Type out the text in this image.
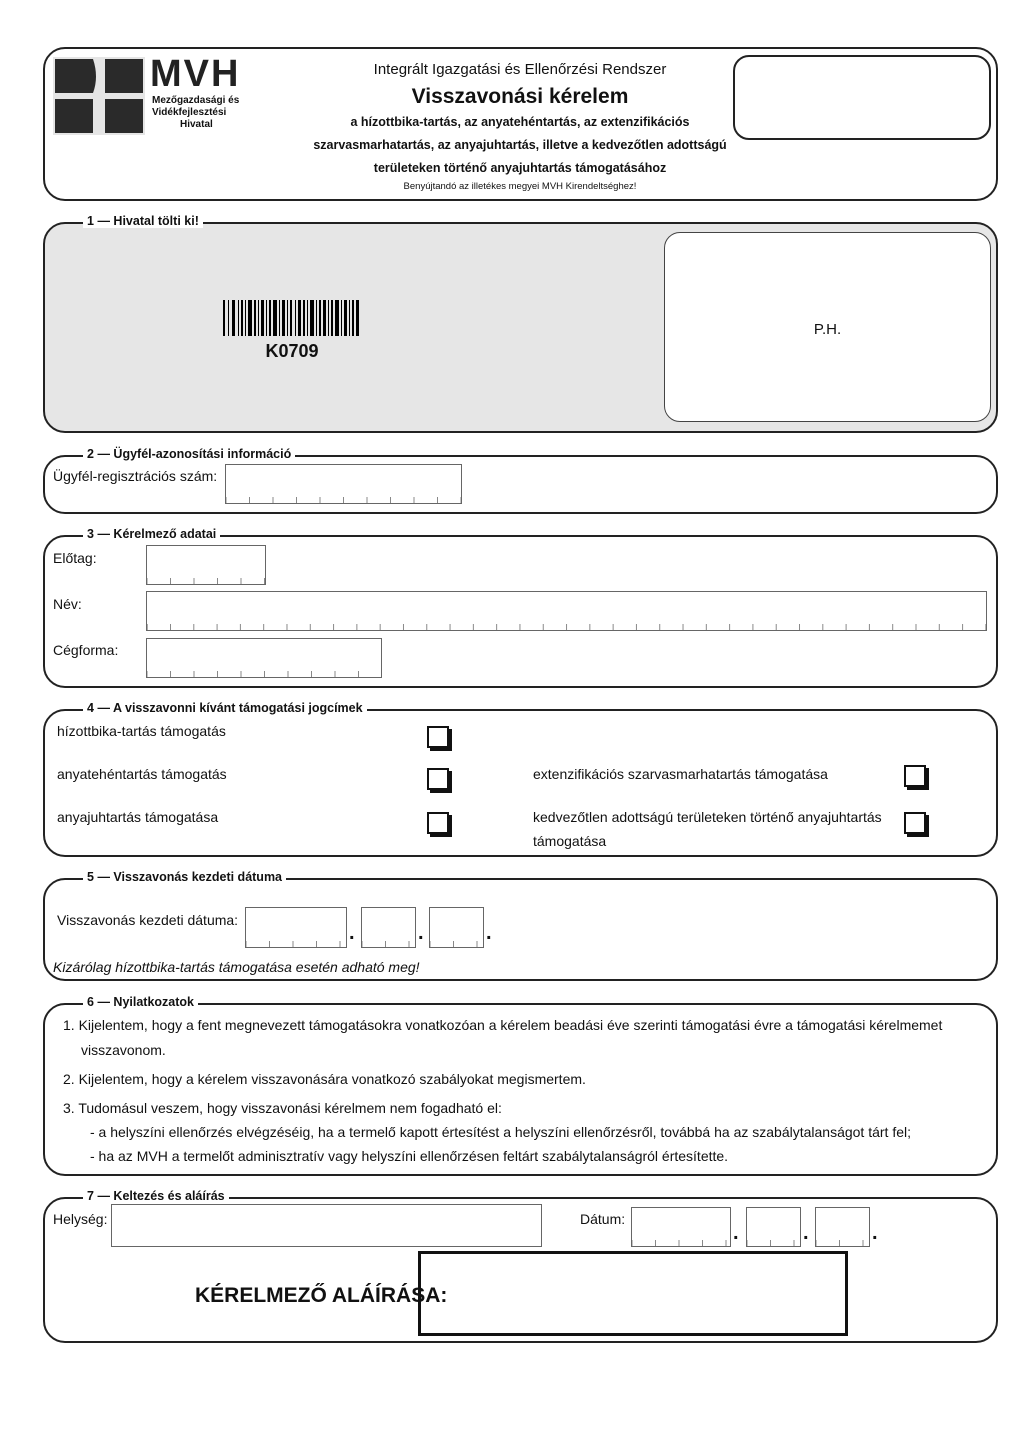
MVH
Mezőgazdasági és
Vidékfejlesztési
Hivatal
Integrált Igazgatási és Ellenőrzési Rendszer
Visszavonási kérelem
a hízottbika-tartás, az anyatehéntartás, az extenzifikációs
szarvasmarhatartás, az anyajuhtartás, illetve a kedvezőtlen adottságú
területeken történő anyajuhtartás támogatásához
Benyújtandó az illetékes megyei MVH Kirendeltséghez!
1 — Hivatal tölti ki!
K0709
P.H.
2 — Ügyfél-azonosítási információ
Ügyfél-regisztrációs szám:
3 — Kérelmező adatai
Előtag:
Név:
Cégforma:
4 — A visszavonni kívánt támogatási jogcímek
hízottbika-tartás támogatás
anyatehéntartás támogatás
anyajuhtartás támogatása
extenzifikációs szarvasmarhatartás támogatása
kedvezőtlen adottságú területeken történő anyajuhtartás
támogatása
5 — Visszavonás kezdeti dátuma
Visszavonás kezdeti dátuma:
.	.	.
Kizárólag hízottbika-tartás támogatása esetén adható meg!
6 — Nyilatkozatok
1. Kijelentem, hogy a fent megnevezett támogatásokra vonatkozóan a kérelem beadási éve szerinti támogatási évre a támogatási kérelmemet
visszavonom.
2. Kijelentem, hogy a kérelem visszavonására vonatkozó szabályokat megismertem.
3. Tudomásul veszem, hogy visszavonási kérelmem nem fogadható el:
- a helyszíni ellenőrzés elvégzéséig, ha a termelő kapott értesítést a helyszíni ellenőrzésről, továbbá ha az szabálytalanságot tárt fel;
- ha az MVH a termelőt adminisztratív vagy helyszíni ellenőrzésen feltárt szabálytalanságról értesítette.
7 — Keltezés és aláírás
Helység:	Dátum:
.	.	.
KÉRELMEZŐ ALÁÍRÁSA:
